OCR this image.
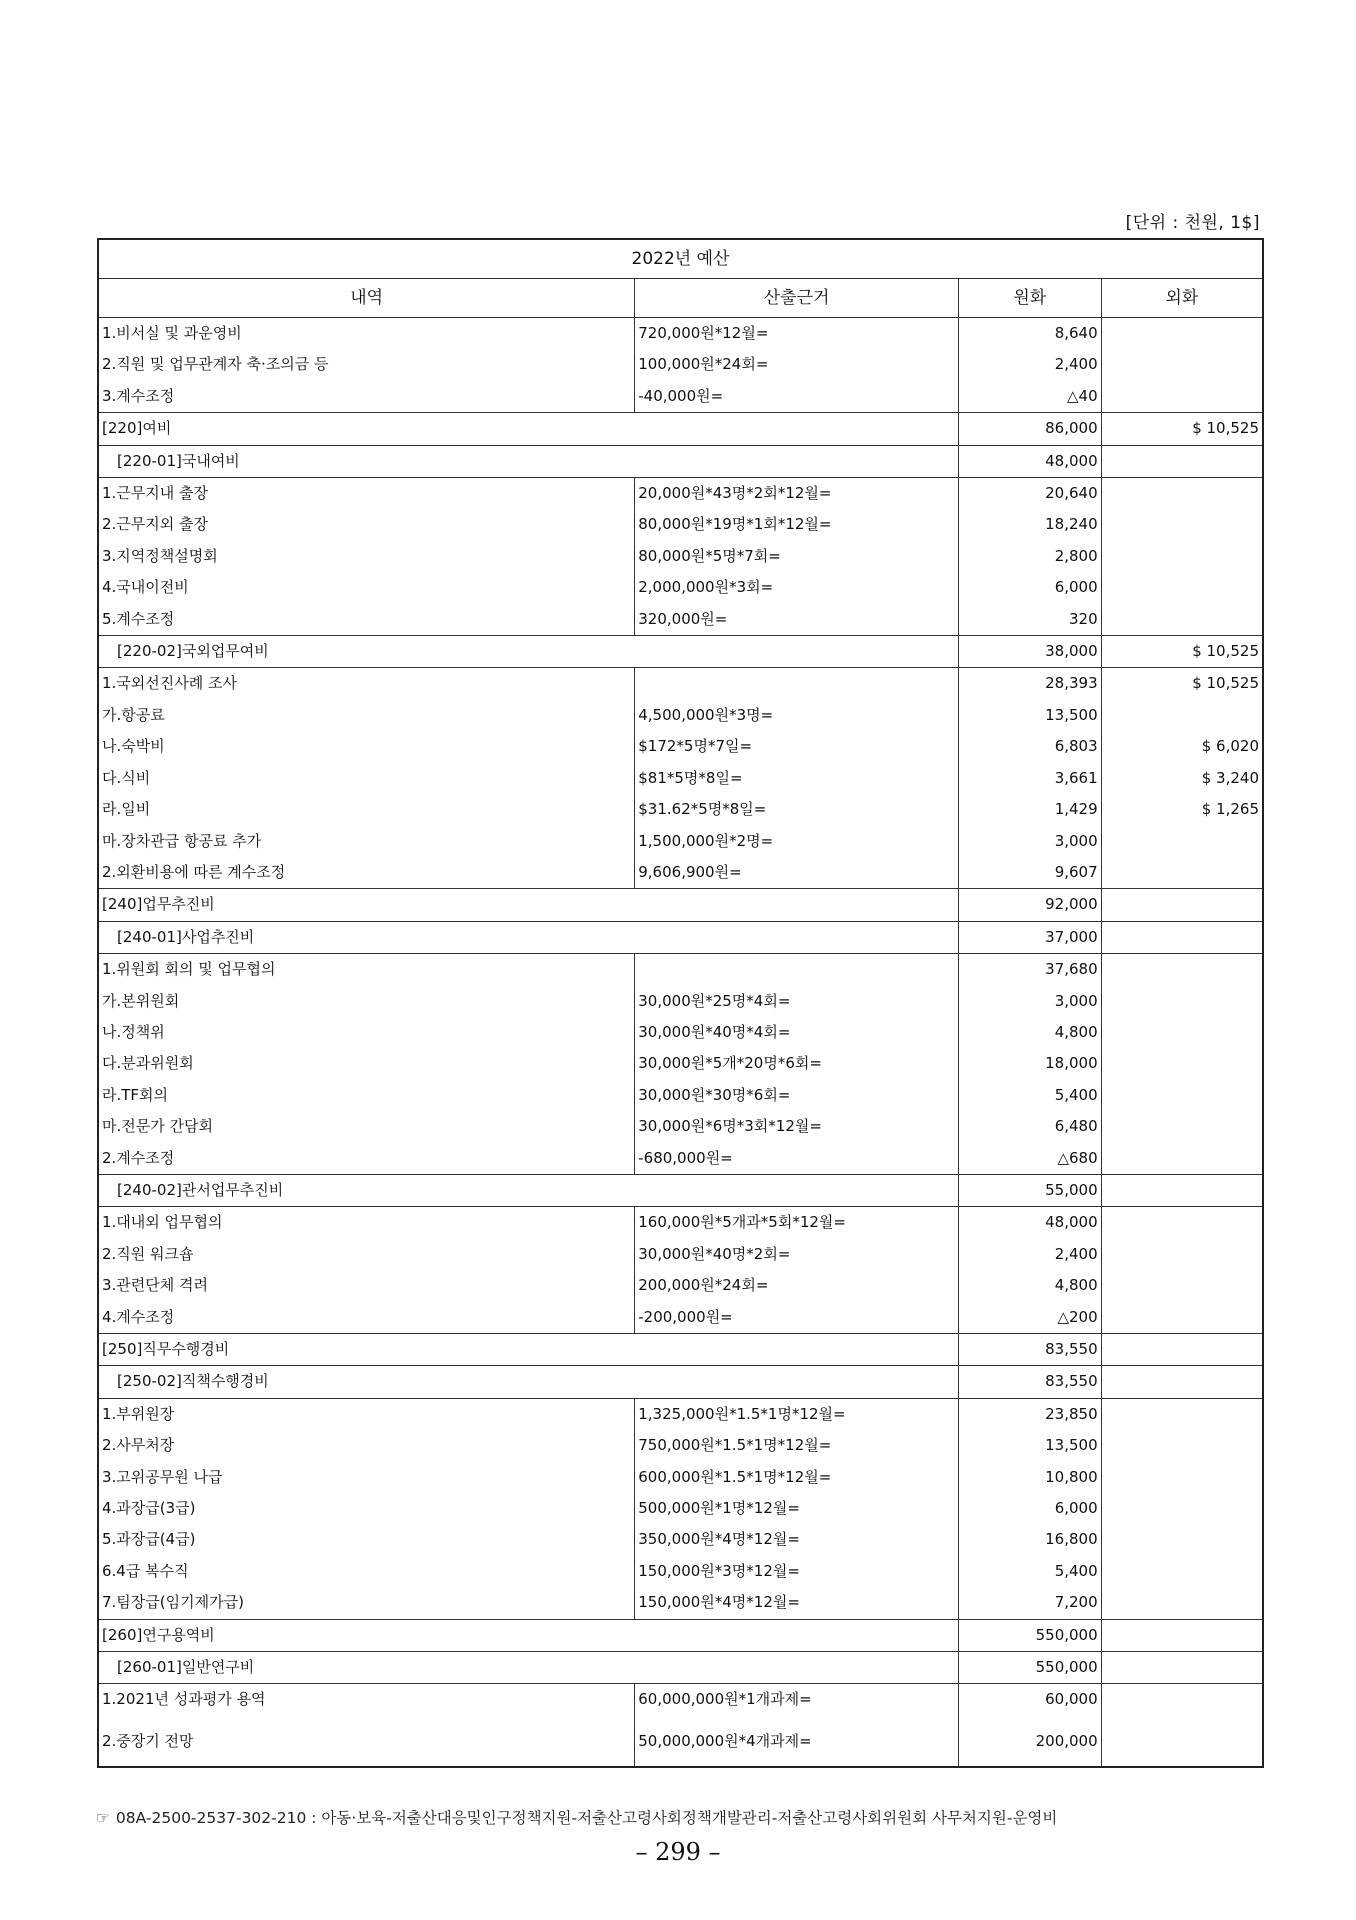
[단위 : 천원, 1$]
2022년 예산			
내역	산출근거	원화	외화
1.비서실 및 과운영비	720,000원*12월=	8,640	
2.직원 및 업무관계자 축·조의금 등	100,000원*24회=	2,400	
3.계수조정	-40,000원=	△40	
[220]여비		86,000	$ 10,525
[220-01]국내여비		48,000	
1.근무지내 출장	20,000원*43명*2회*12월=	20,640	
2.근무지외 출장	80,000원*19명*1회*12월=	18,240	
3.지역정책설명회	80,000원*5명*7회=	2,800	
4.국내이전비	2,000,000원*3회=	6,000	
5.계수조정	320,000원=	320	
[220-02]국외업무여비		38,000	$ 10,525
1.국외선진사례 조사		28,393	$ 10,525
가.항공료	4,500,000원*3명=	13,500	
나.숙박비	$172*5명*7일=	6,803	$ 6,020
다.식비	$81*5명*8일=	3,661	$ 3,240
라.일비	$31.62*5명*8일=	1,429	$ 1,265
마.장차관급 항공료 추가	1,500,000원*2명=	3,000	
2.외환비용에 따른 계수조정	9,606,900원=	9,607	
[240]업무추진비		92,000	
[240-01]사업추진비		37,000	
1.위원회 회의 및 업무협의		37,680	
가.본위원회	30,000원*25명*4회=	3,000	
나.정책위	30,000원*40명*4회=	4,800	
다.분과위원회	30,000원*5개*20명*6회=	18,000	
라.TF회의	30,000원*30명*6회=	5,400	
마.전문가 간담회	30,000원*6명*3회*12월=	6,480	
2.계수조정	-680,000원=	△680	
[240-02]관서업무추진비		55,000	
1.대내외 업무협의	160,000원*5개과*5회*12월=	48,000	
2.직원 워크숍	30,000원*40명*2회=	2,400	
3.관련단체 격려	200,000원*24회=	4,800	
4.계수조정	-200,000원=	△200	
[250]직무수행경비		83,550	
[250-02]직책수행경비		83,550	
1.부위원장	1,325,000원*1.5*1명*12월=	23,850	
2.사무처장	750,000원*1.5*1명*12월=	13,500	
3.고위공무원 나급	600,000원*1.5*1명*12월=	10,800	
4.과장급(3급)	500,000원*1명*12월=	6,000	
5.과장급(4급)	350,000원*4명*12월=	16,800	
6.4급 복수직	150,000원*3명*12월=	5,400	
7.팀장급(임기제가급)	150,000원*4명*12월=	7,200	
[260]연구용역비		550,000	
[260-01]일반연구비		550,000	
1.2021년 성과평가 용역	60,000,000원*1개과제=	60,000	
2.중장기 전망	50,000,000원*4개과제=	200,000	
☞ 08A-2500-2537-302-210 : 아동·보육-저출산대응및인구정책지원-저출산고령사회정책개발관리-저출산고령사회위원회 사무처지원-운영비
– 299 –
